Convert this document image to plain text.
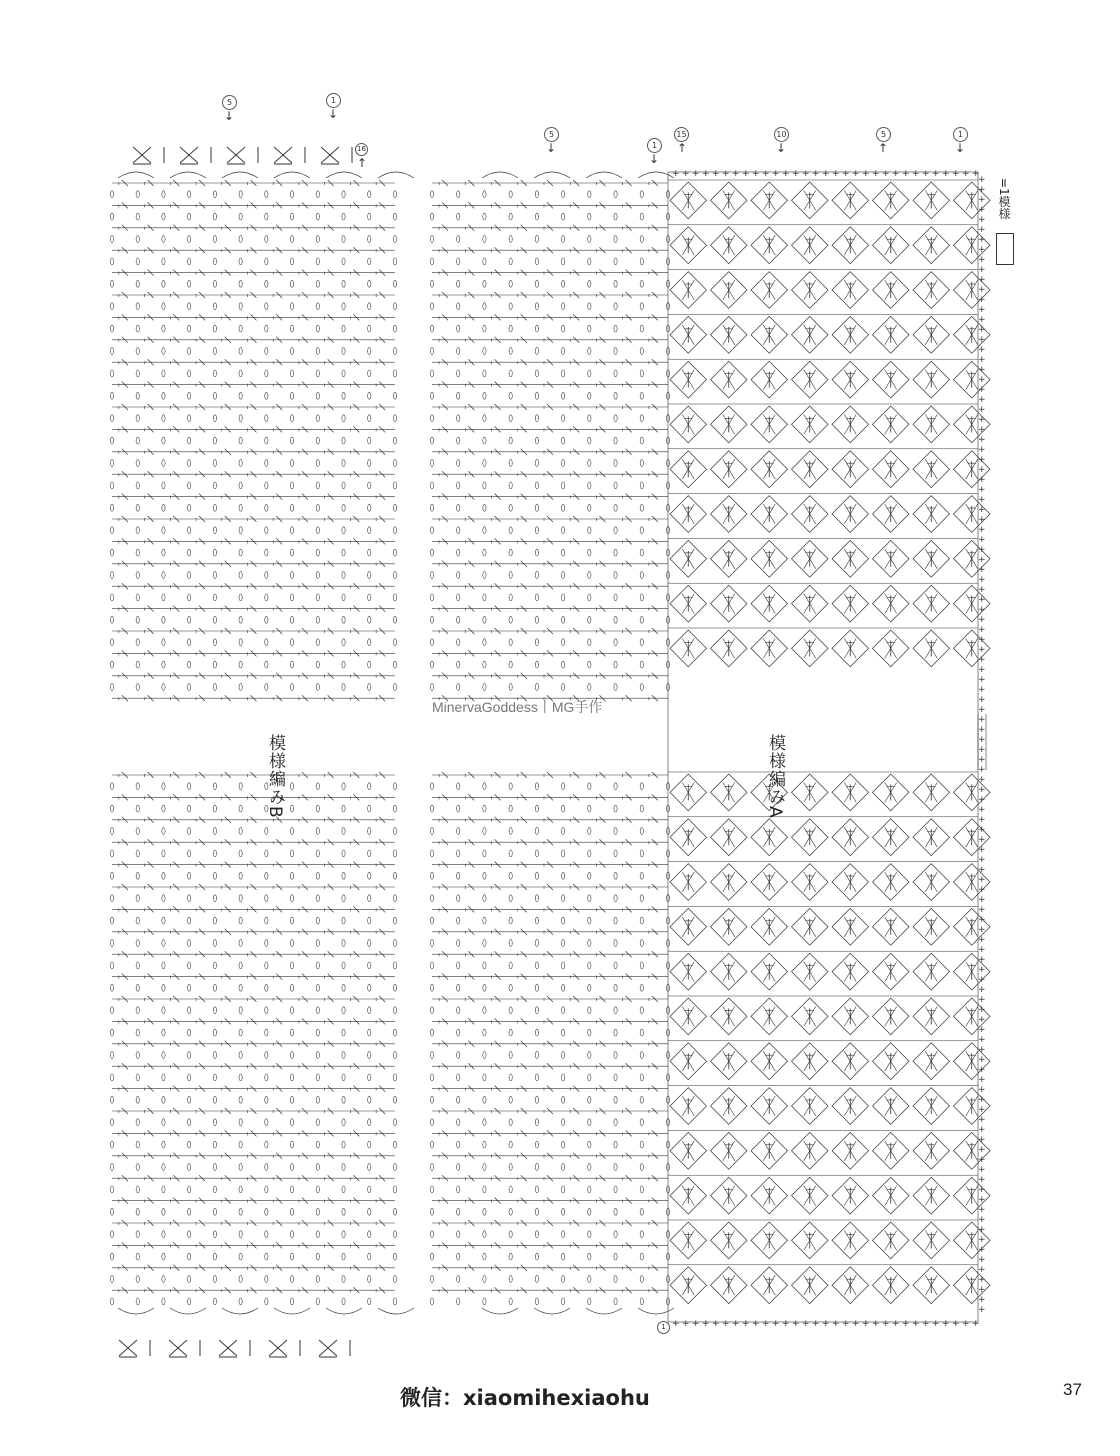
+
+
+
+
+
+
+
+
+
+
+
+
+
+
+
+
+
+
+
+
+
+
+
+
+
+
+
+
+
+
+
+
+
+
+
+
+
+
+
+
+
+
+
+
+
+
+
+
+
+
+
+
+
+
+
+
+
+
+
+
+
+
+
+
+
+
+
+
+
+
+
+
+
+
+
+
+
+
+
+
+
+
+
+
+
+
+
+
+
+
+
+
+
+
+
+
+
+
+
+
+
+
+
+
+
+
+
+
+
+
+
+
+
+
+
+
+
+
+
+
+
+
+
+
+
+
+
+
+
+
+
+
+
+
+
+
+
+
+
+
+
+
+
+
+
+
+
+
+
+
+
+
+
+
+
+
+
+
+
+
+
+
+
+
+
+
+
+
+
+
+
+
+
+
+
+
模様編みB	模様編みA
=1模様
5
↓
1
↓
16
↑
5
↓	1
↓
15
↑
10
↓
5
↑
1
↓
1
MinervaGoddess丨MG手作
微信：xiaomihexiaohu	37
